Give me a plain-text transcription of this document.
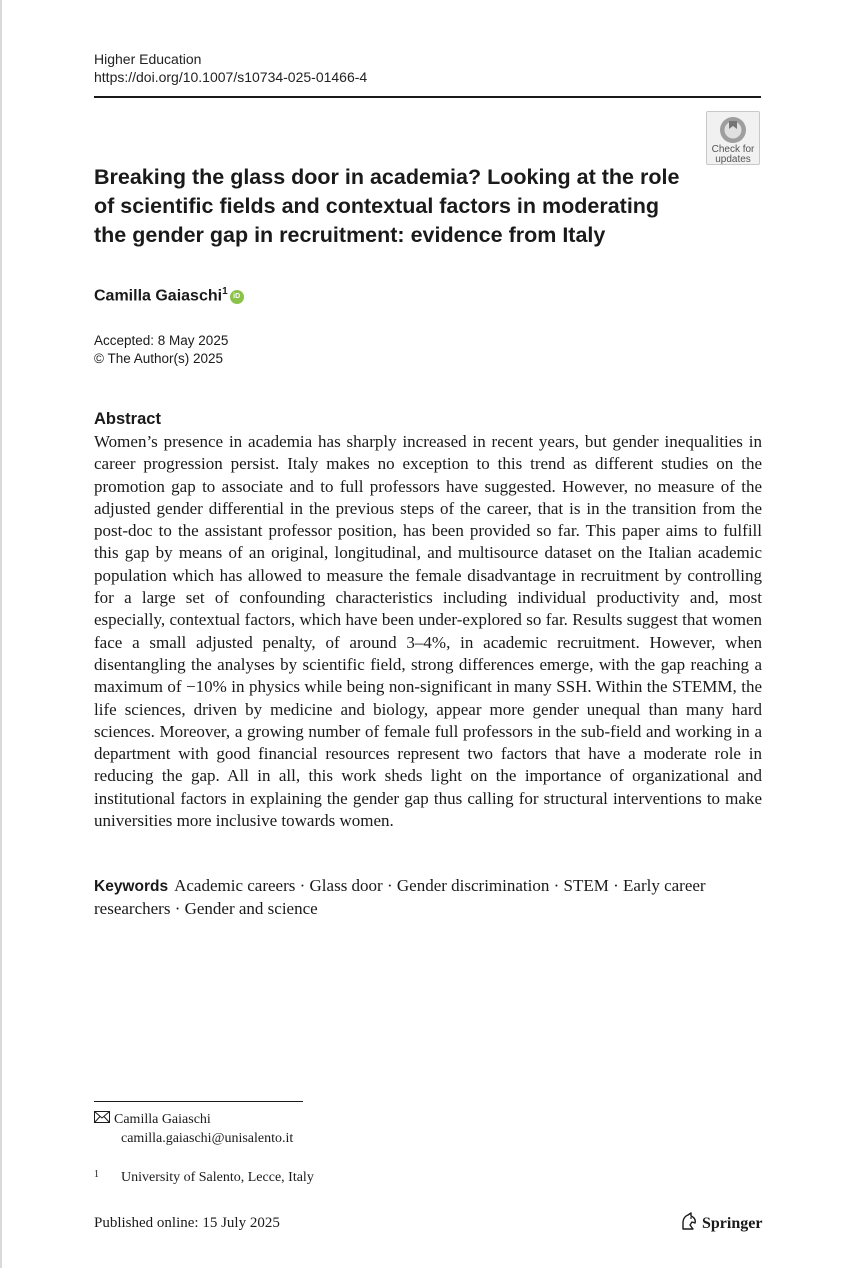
Higher Education
https://doi.org/10.1007/s10734-025-01466-4
Check for
updates
Breaking the glass door in academia? Looking at the role of scientific fields and contextual factors in moderating the gender gap in recruitment: evidence from Italy
Camilla Gaiaschi$^1$ iD
Accepted: 8 May 2025
© The Author(s) 2025
Abstract

Women’s presence in academia has sharply increased in recent years, but gender inequalities in career progression persist. Italy makes no exception to this trend as different studies on the promotion gap to associate and to full professors have suggested. However, no measure of the adjusted gender differential in the previous steps of the career, that is in the transition from the post-doc to the assistant professor position, has been provided so far. This paper aims to fulfill this gap by means of an original, longitudinal, and multisource dataset on the Italian academic population which has allowed to measure the female disadvantage in recruitment by controlling for a large set of confounding characteristics including individual productivity and, most especially, contextual factors, which have been under-explored so far. Results suggest that women face a small adjusted penalty, of around 3–4%, in academic recruitment. However, when disentangling the analyses by scientific field, strong differences emerge, with the gap reaching a maximum of −10% in physics while being non-significant in many SSH. Within the STEMM, the life sciences, driven by medicine and biology, appear more gender unequal than many hard sciences. Moreover, a growing number of female full professors in the sub-field and working in a department with good financial resources represent two factors that have a moderate role in reducing the gap. All in all, this work sheds light on the importance of organizational and institutional factors in explaining the gender gap thus calling for structural interventions to make universities more inclusive towards women.

Keywords Academic careers · Glass door · Gender discrimination · STEM · Early career researchers · Gender and science

Camilla Gaiaschi
camilla.gaiaschi@unisalento.it
1 University of Salento, Lecce, Italy
Published online: 15 July 2025	Springer
